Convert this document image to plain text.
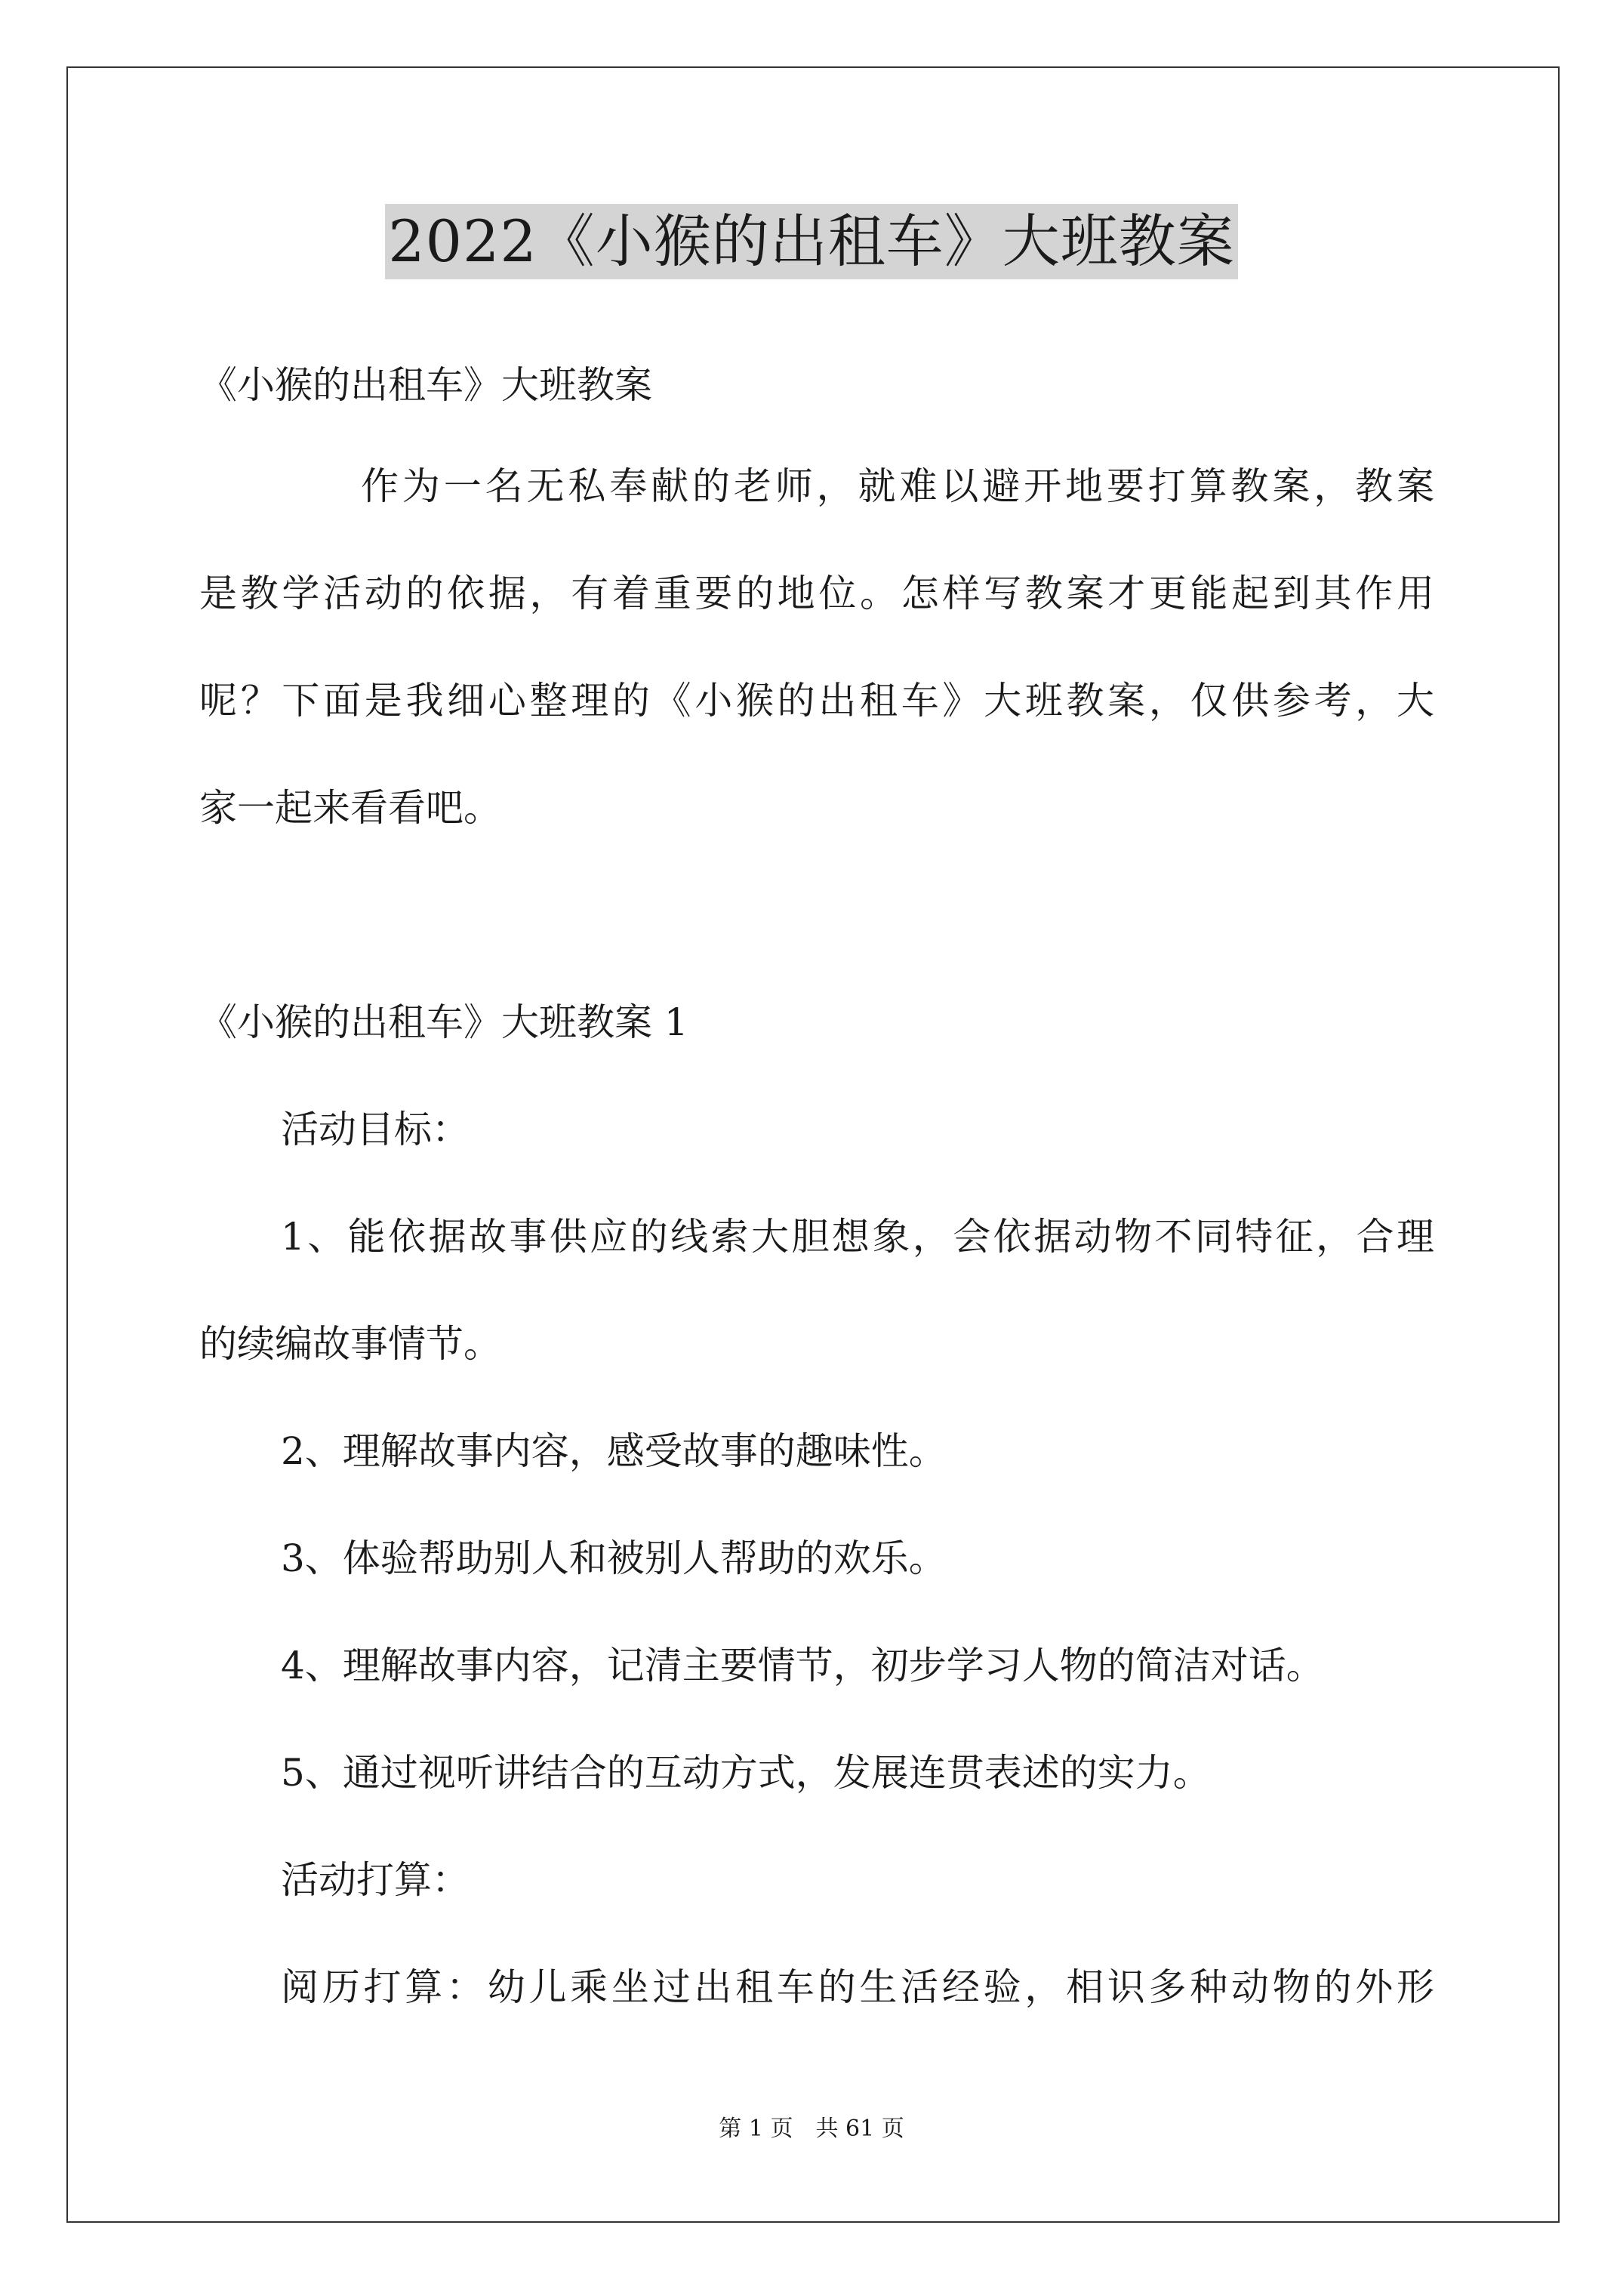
2022《小猴的出租车》大班教案
《小猴的出租车》大班教案
作为一名无私奉献的老师，就难以避开地要打算教案，教案
是教学活动的依据，有着重要的地位。怎样写教案才更能起到其作用
呢？下面是我细心整理的《小猴的出租车》大班教案，仅供参考，大
家一起来看看吧。
《小猴的出租车》大班教案 1
活动目标：
1、能依据故事供应的线索大胆想象，会依据动物不同特征，合理
的续编故事情节。
2、理解故事内容，感受故事的趣味性。
3、体验帮助别人和被别人帮助的欢乐。
4、理解故事内容，记清主要情节，初步学习人物的简洁对话。
5、通过视听讲结合的互动方式，发展连贯表述的实力。
活动打算：
阅历打算：幼儿乘坐过出租车的生活经验，相识多种动物的外形
第 1 页　共 61 页
